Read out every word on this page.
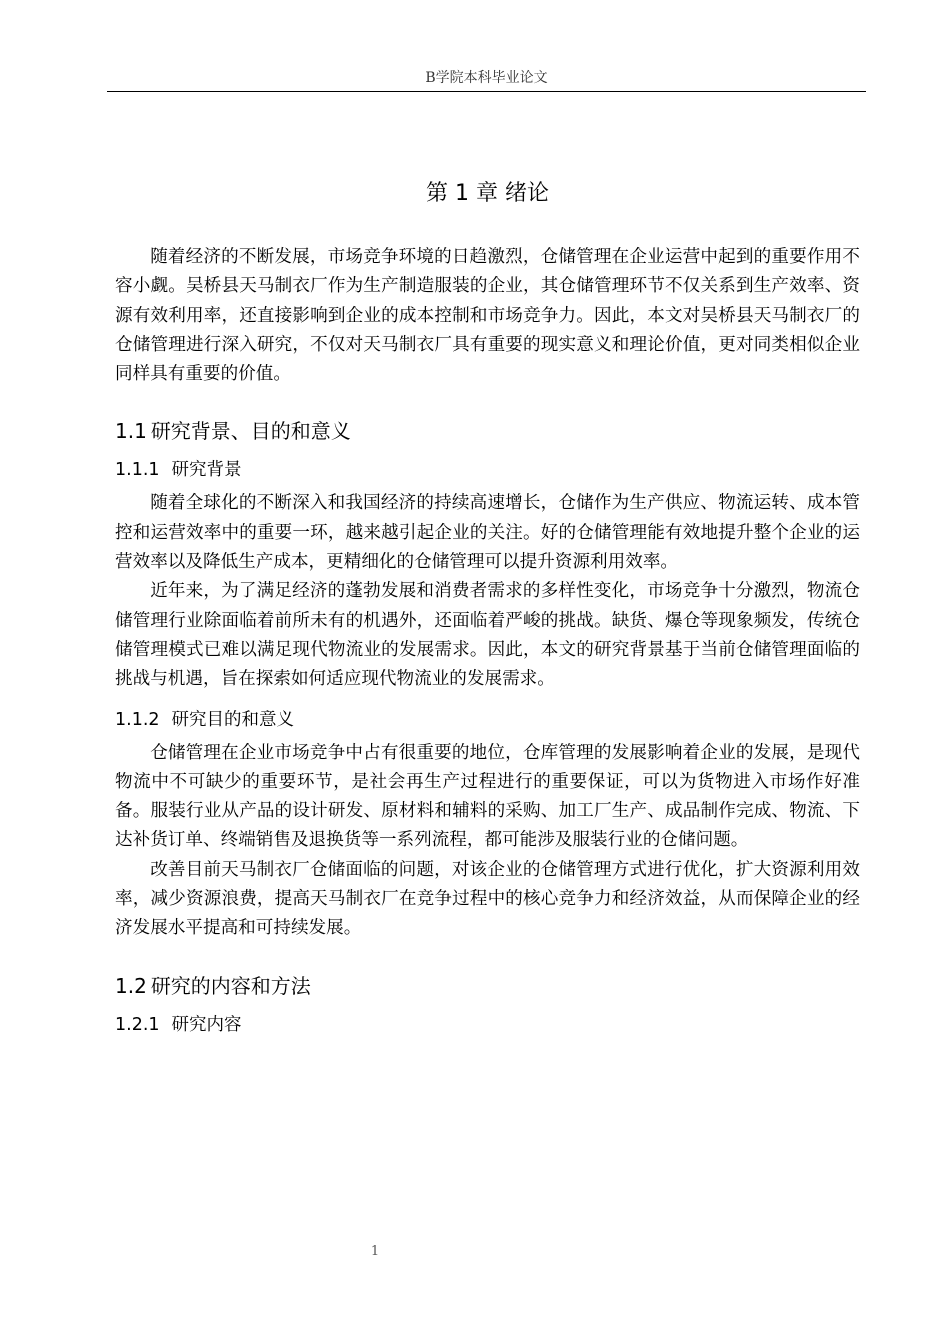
B学院本科毕业论文
第 1 章 绪论

随着经济的不断发展，市场竞争环境的日趋激烈，仓储管理在企业运营中起到的重要作用不容小觑。吴桥县天马制衣厂作为生产制造服装的企业，其仓储管理环节不仅关系到生产效率、资源有效利用率，还直接影响到企业的成本控制和市场竞争力。因此，本文对吴桥县天马制衣厂的仓储管理进行深入研究，不仅对天马制衣厂具有重要的现实意义和理论价值，更对同类相似企业同样具有重要的价值。

1.1 研究背景、目的和意义
1.1.1 研究背景

随着全球化的不断深入和我国经济的持续高速增长，仓储作为生产供应、物流运转、成本管控和运营效率中的重要一环，越来越引起企业的关注。好的仓储管理能有效地提升整个企业的运营效率以及降低生产成本，更精细化的仓储管理可以提升资源利用效率。

近年来，为了满足经济的蓬勃发展和消费者需求的多样性变化，市场竞争十分激烈，物流仓储管理行业除面临着前所未有的机遇外，还面临着严峻的挑战。缺货、爆仓等现象频发，传统仓储管理模式已难以满足现代物流业的发展需求。因此，本文的研究背景基于当前仓储管理面临的挑战与机遇，旨在探索如何适应现代物流业的发展需求。

1.1.2 研究目的和意义

仓储管理在企业市场竞争中占有很重要的地位，仓库管理的发展影响着企业的发展，是现代物流中不可缺少的重要环节，是社会再生产过程进行的重要保证，可以为货物进入市场作好准备。服装行业从产品的设计研发、原材料和辅料的采购、加工厂生产、成品制作完成、物流、下达补货订单、终端销售及退换货等一系列流程，都可能涉及服装行业的仓储问题。

改善目前天马制衣厂仓储面临的问题，对该企业的仓储管理方式进行优化，扩大资源利用效率，减少资源浪费，提高天马制衣厂在竞争过程中的核心竞争力和经济效益，从而保障企业的经济发展水平提高和可持续发展。

1.2 研究的内容和方法
1.2.1 研究内容
1
